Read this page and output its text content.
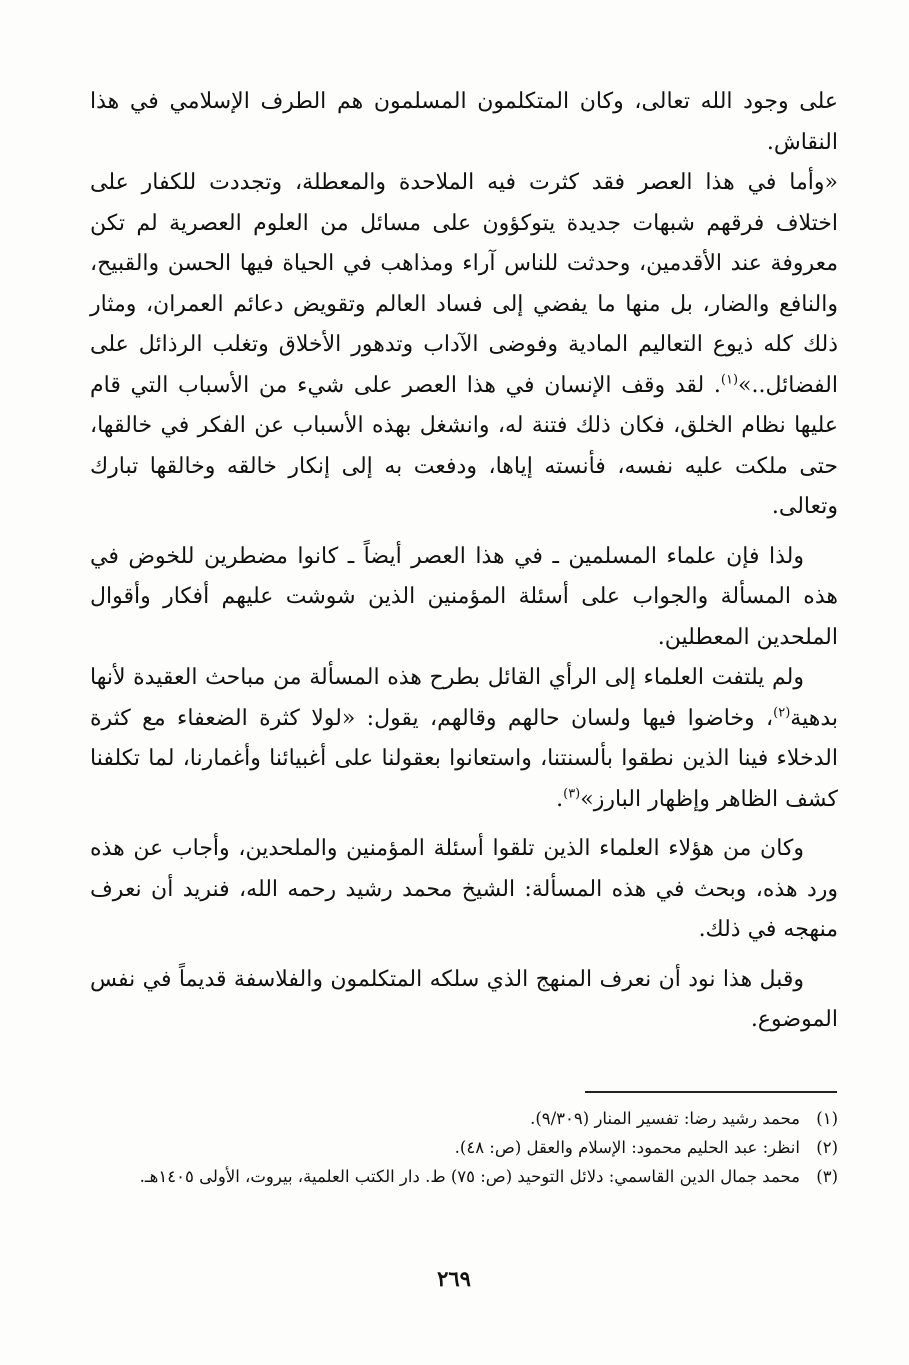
على وجود الله تعالى، وكان المتكلمون المسلمون هم الطرف الإسلامي في هذا النقاش.

«وأما في هذا العصر فقد كثرت فيه الملاحدة والمعطلة، وتجددت للكفار على اختلاف فرقهم شبهات جديدة يتوكؤون على مسائل من العلوم العصرية لم تكن معروفة عند الأقدمين، وحدثت للناس آراء ومذاهب في الحياة فيها الحسن والقبيح، والنافع والضار، بل منها ما يفضي إلى فساد العالم وتقويض دعائم العمران، ومثار ذلك كله ذيوع التعاليم المادية وفوضى الآداب وتدهور الأخلاق وتغلب الرذائل على الفضائل..»$^{(١)}$. لقد وقف الإنسان في هذا العصر على شيء من الأسباب التي قام عليها نظام الخلق، فكان ذلك فتنة له، وانشغل بهذه الأسباب عن الفكر في خالقها، حتى ملكت عليه نفسه، فأنسته إياها، ودفعت به إلى إنكار خالقه وخالقها تبارك وتعالى.

ولذا فإن علماء المسلمين ـ في هذا العصر أيضاً ـ كانوا مضطرين للخوض في هذه المسألة والجواب على أسئلة المؤمنين الذين شوشت عليهم أفكار وأقوال الملحدين المعطلين.

ولم يلتفت العلماء إلى الرأي القائل بطرح هذه المسألة من مباحث العقيدة لأنها بدهية$^{(٢)}$، وخاضوا فيها ولسان حالهم وقالهم، يقول: «لولا كثرة الضعفاء مع كثرة الدخلاء فينا الذين نطقوا بألسنتنا، واستعانوا بعقولنا على أغبيائنا وأغمارنا، لما تكلفنا كشف الظاهر وإظهار البارز»$^{(٣)}$.

وكان من هؤلاء العلماء الذين تلقوا أسئلة المؤمنين والملحدين، وأجاب عن هذه ورد هذه، وبحث في هذه المسألة: الشيخ محمد رشيد رحمه الله، فنريد أن نعرف منهجه في ذلك.

وقبل هذا نود أن نعرف المنهج الذي سلكه المتكلمون والفلاسفة قديماً في نفس الموضوع.

(١)
محمد رشيد رضا: تفسير المنار (٩/٣٠٩).
(٢)
انظر: عبد الحليم محمود: الإسلام والعقل (ص: ٤٨).
(٣)
محمد جمال الدين القاسمي: دلائل التوحيد (ص: ٧٥) ط. دار الكتب العلمية، بيروت، الأولى ١٤٠٥هـ.
٢٦٩
